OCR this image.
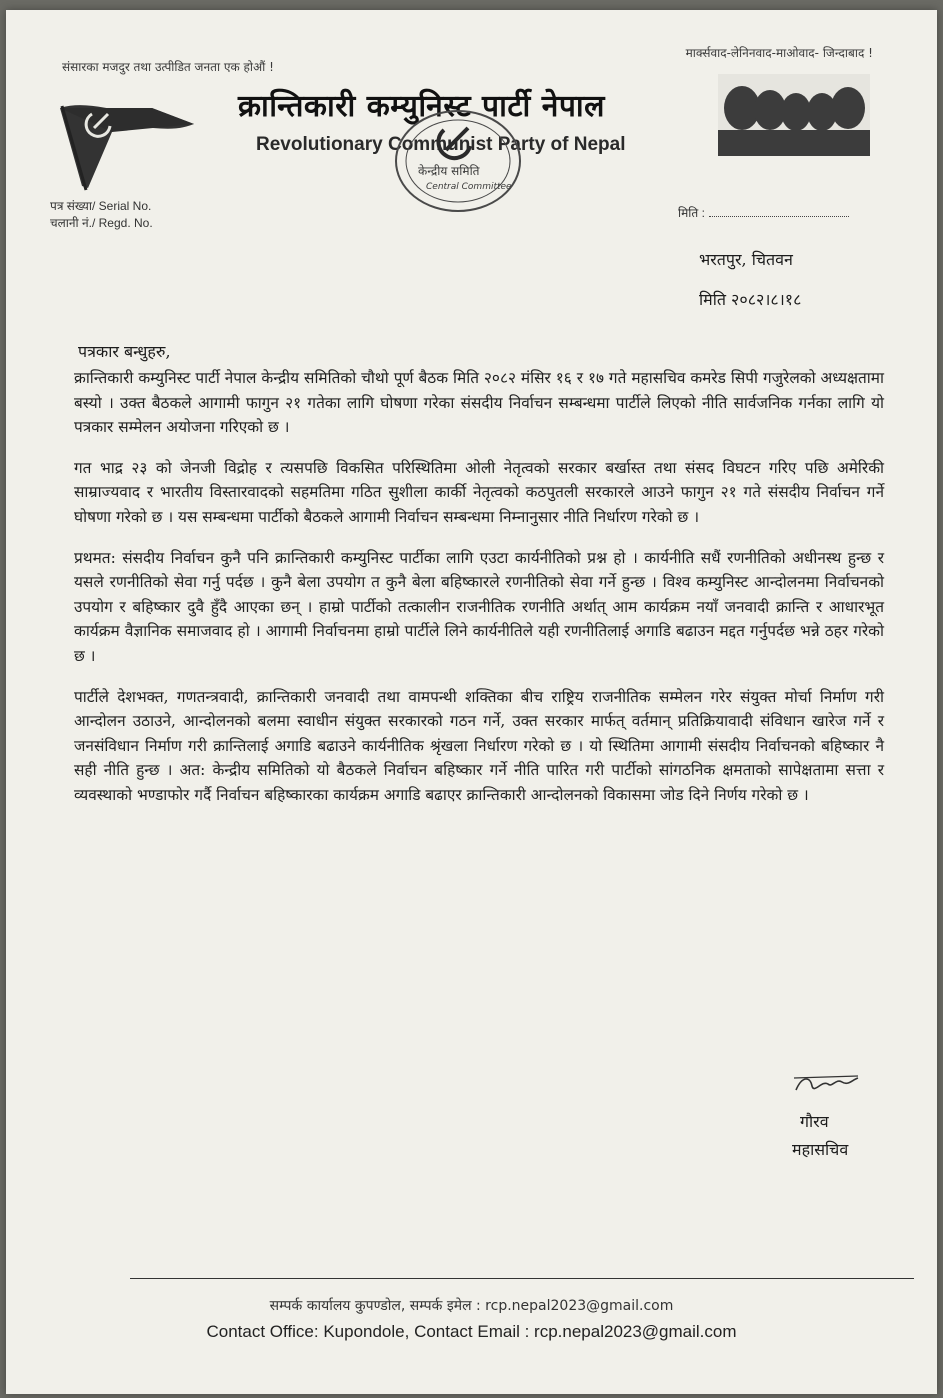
संसारका मजदुर तथा उत्पीडित जनता एक होऔं !
मार्क्सवाद-लेनिनवाद-माओवाद- जिन्दाबाद !
क्रान्तिकारी कम्युनिस्ट पार्टी नेपाल
Revolutionary Communist Party of Nepal
केन्द्रीय समिति
Central Committee
पत्र संख्या/ Serial No.
चलानी नं./ Regd. No.
मिति :
भरतपुर, चितवन
मिति २०८२।८।१८
पत्रकार बन्धुहरु,

क्रान्तिकारी कम्युनिस्ट पार्टी नेपाल केन्द्रीय समितिको चौथो पूर्ण बैठक मिति २०८२ मंसिर १६ र १७ गते महासचिव कमरेड सिपी गजुरेलको अध्यक्षतामा बस्यो । उक्त बैठकले आगामी फागुन २१ गतेका लागि घोषणा गरेका संसदीय निर्वाचन सम्बन्धमा पार्टीले लिएको नीति सार्वजनिक गर्नका लागि यो पत्रकार सम्मेलन अयोजना गरिएको छ ।

गत भाद्र २३ को जेनजी विद्रोह र त्यसपछि विकसित परिस्थितिमा ओली नेतृत्वको सरकार बर्खास्त तथा संसद विघटन गरिए पछि अमेरिकी साम्राज्यवाद र भारतीय विस्तारवादको सहमतिमा गठित सुशीला कार्की नेतृत्वको कठपुतली सरकारले आउने फागुन २१ गते संसदीय निर्वाचन गर्ने घोषणा गरेको छ । यस सम्बन्धमा पार्टीको बैठकले आगामी निर्वाचन सम्बन्धमा निम्नानुसार नीति निर्धारण गरेको छ ।

प्रथमत: संसदीय निर्वाचन कुनै पनि क्रान्तिकारी कम्युनिस्ट पार्टीका लागि एउटा कार्यनीतिको प्रश्न हो । कार्यनीति सधैं रणनीतिको अधीनस्थ हुन्छ र यसले रणनीतिको सेवा गर्नु पर्दछ । कुनै बेला उपयोग त कुनै बेला बहिष्कारले रणनीतिको सेवा गर्ने हुन्छ । विश्व कम्युनिस्ट आन्दोलनमा निर्वाचनको उपयोग र बहिष्कार दुवै हुँदै आएका छन् । हाम्रो पार्टीको तत्कालीन राजनीतिक रणनीति अर्थात् आम कार्यक्रम नयाँ जनवादी क्रान्ति र आधारभूत कार्यक्रम वैज्ञानिक समाजवाद हो । आगामी निर्वाचनमा हाम्रो पार्टीले लिने कार्यनीतिले यही रणनीतिलाई अगाडि बढाउन मद्दत गर्नुपर्दछ भन्ने ठहर गरेको छ ।

पार्टीले देशभक्त, गणतन्त्रवादी, क्रान्तिकारी जनवादी तथा वामपन्थी शक्तिका बीच राष्ट्रिय राजनीतिक सम्मेलन गरेर संयुक्त मोर्चा निर्माण गरी आन्दोलन उठाउने, आन्दोलनको बलमा स्वाधीन संयुक्त सरकारको गठन गर्ने, उक्त सरकार मार्फत् वर्तमान् प्रतिक्रियावादी संविधान खारेज गर्ने र जनसंविधान निर्माण गरी क्रान्तिलाई अगाडि बढाउने कार्यनीतिक श्रृंखला निर्धारण गरेको छ । यो स्थितिमा आगामी संसदीय निर्वाचनको बहिष्कार नै सही नीति हुन्छ । अत: केन्द्रीय समितिको यो बैठकले निर्वाचन बहिष्कार गर्ने नीति पारित गरी पार्टीको सांगठनिक क्षमताको सापेक्षतामा सत्ता र व्यवस्थाको भण्डाफोर गर्दै निर्वाचन बहिष्कारका कार्यक्रम अगाडि बढाएर क्रान्तिकारी आन्दोलनको विकासमा जोड दिने निर्णय गरेको छ ।

गौरव
महासचिव
सम्पर्क कार्यालय कुपण्डोल, सम्पर्क इमेल : rcp.nepal2023@gmail.com
Contact Office: Kupondole, Contact Email : rcp.nepal2023@gmail.com
